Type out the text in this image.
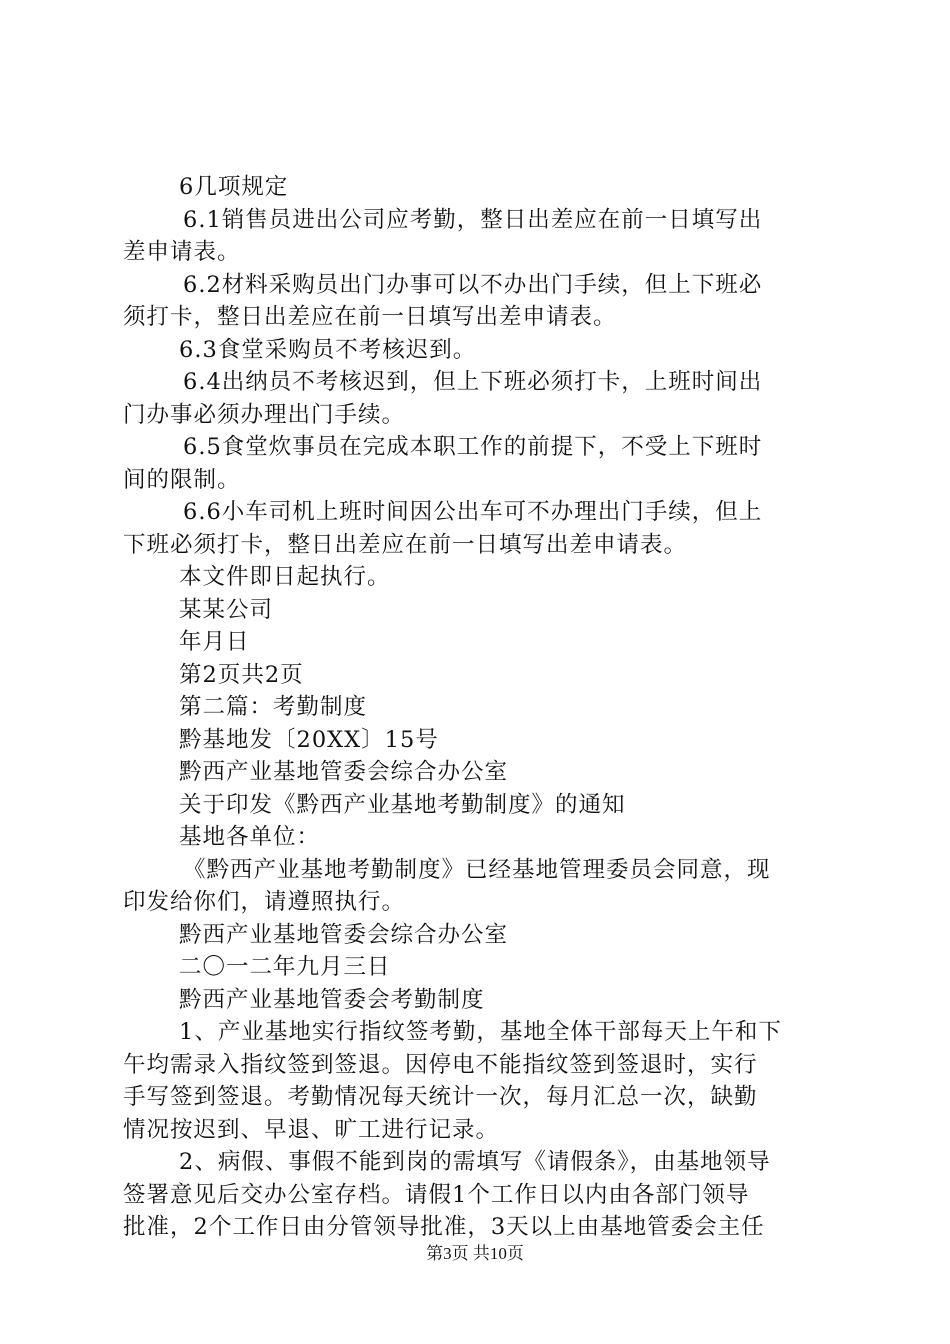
6几项规定
6.1销售员进出公司应考勤，整日出差应在前一日填写出
差申请表。
6.2材料采购员出门办事可以不办出门手续，但上下班必
须打卡，整日出差应在前一日填写出差申请表。
6.3食堂采购员不考核迟到。
6.4出纳员不考核迟到，但上下班必须打卡，上班时间出
门办事必须办理出门手续。
6.5食堂炊事员在完成本职工作的前提下，不受上下班时
间的限制。
6.6小车司机上班时间因公出车可不办理出门手续，但上
下班必须打卡，整日出差应在前一日填写出差申请表。
本文件即日起执行。
某某公司
年月日
第2页共2页
第二篇：考勤制度
黔基地发〔20XX〕15号
黔西产业基地管委会综合办公室
关于印发《黔西产业基地考勤制度》的通知
基地各单位：
《黔西产业基地考勤制度》已经基地管理委员会同意，现
印发给你们，请遵照执行。
黔西产业基地管委会综合办公室
二〇一二年九月三日
黔西产业基地管委会考勤制度
1、产业基地实行指纹签考勤，基地全体干部每天上午和下
午均需录入指纹签到签退。因停电不能指纹签到签退时，实行
手写签到签退。考勤情况每天统计一次，每月汇总一次，缺勤
情况按迟到、早退、旷工进行记录。
2、病假、事假不能到岗的需填写《请假条》，由基地领导
签署意见后交办公室存档。请假1个工作日以内由各部门领导
批准，2个工作日由分管领导批准，3天以上由基地管委会主任
第3页 共10页
